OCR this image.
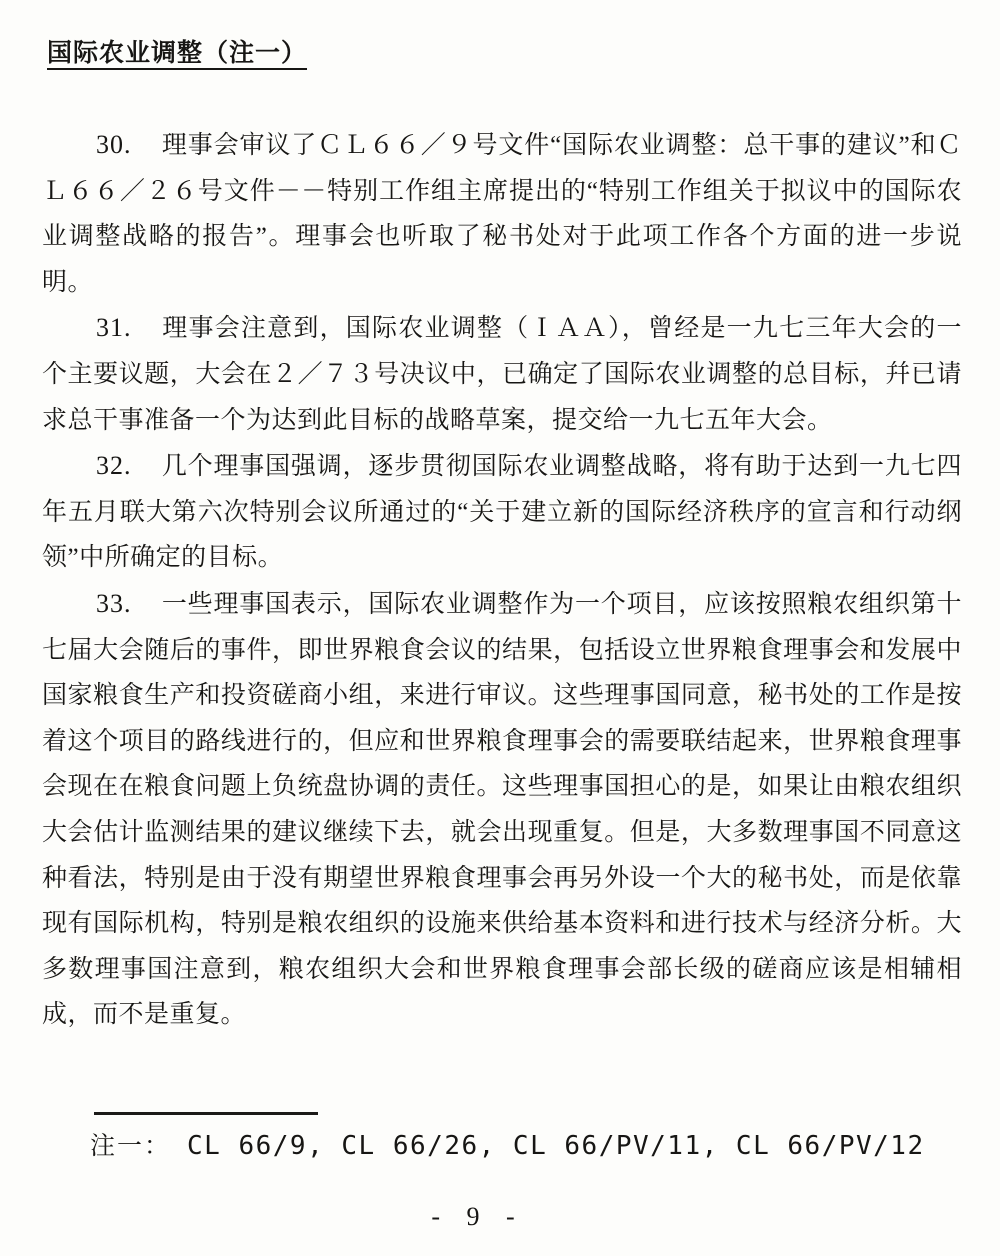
国际农业调整（注一）

30. 理事会审议了ＣＬ６６／９号文件“国际农业调整：总干事的建议”和ＣＬ６６／２６号文件－－特别工作组主席提出的“特别工作组关于拟议中的国际农业调整战略的报告”。理事会也听取了秘书处对于此项工作各个方面的进一步说明。

31. 理事会注意到，国际农业调整（ＩＡＡ），曾经是一九七三年大会的一个主要议题，大会在２／７３号决议中，已确定了国际农业调整的总目标，幷已请求总干事准备一个为达到此目标的战略草案，提交给一九七五年大会。

32. 几个理事国强调，逐步贯彻国际农业调整战略，将有助于达到一九七四年五月联大第六次特别会议所通过的“关于建立新的国际经济秩序的宣言和行动纲领”中所确定的目标。

33. 一些理事国表示，国际农业调整作为一个项目，应该按照粮农组织第十七届大会随后的事件，即世界粮食会议的结果，包括设立世界粮食理事会和发展中国家粮食生产和投资磋商小组，来进行审议。这些理事国同意，秘书处的工作是按着这个项目的路线进行的，但应和世界粮食理事会的需要联结起来，世界粮食理事会现在在粮食问题上负统盘协调的责任。这些理事国担心的是，如果让由粮农组织大会估计监测结果的建议继续下去，就会出现重复。但是，大多数理事国不同意这种看法，特别是由于没有期望世界粮食理事会再另外设一个大的秘书处，而是依靠现有国际机构，特别是粮农组织的设施来供给基本资料和进行技术与经济分析。大多数理事国注意到，粮农组织大会和世界粮食理事会部长级的磋商应该是相辅相成，而不是重复。

注一： CL 66/9, CL 66/26, CL 66/PV/11, CL 66/PV/12

- 9 -
